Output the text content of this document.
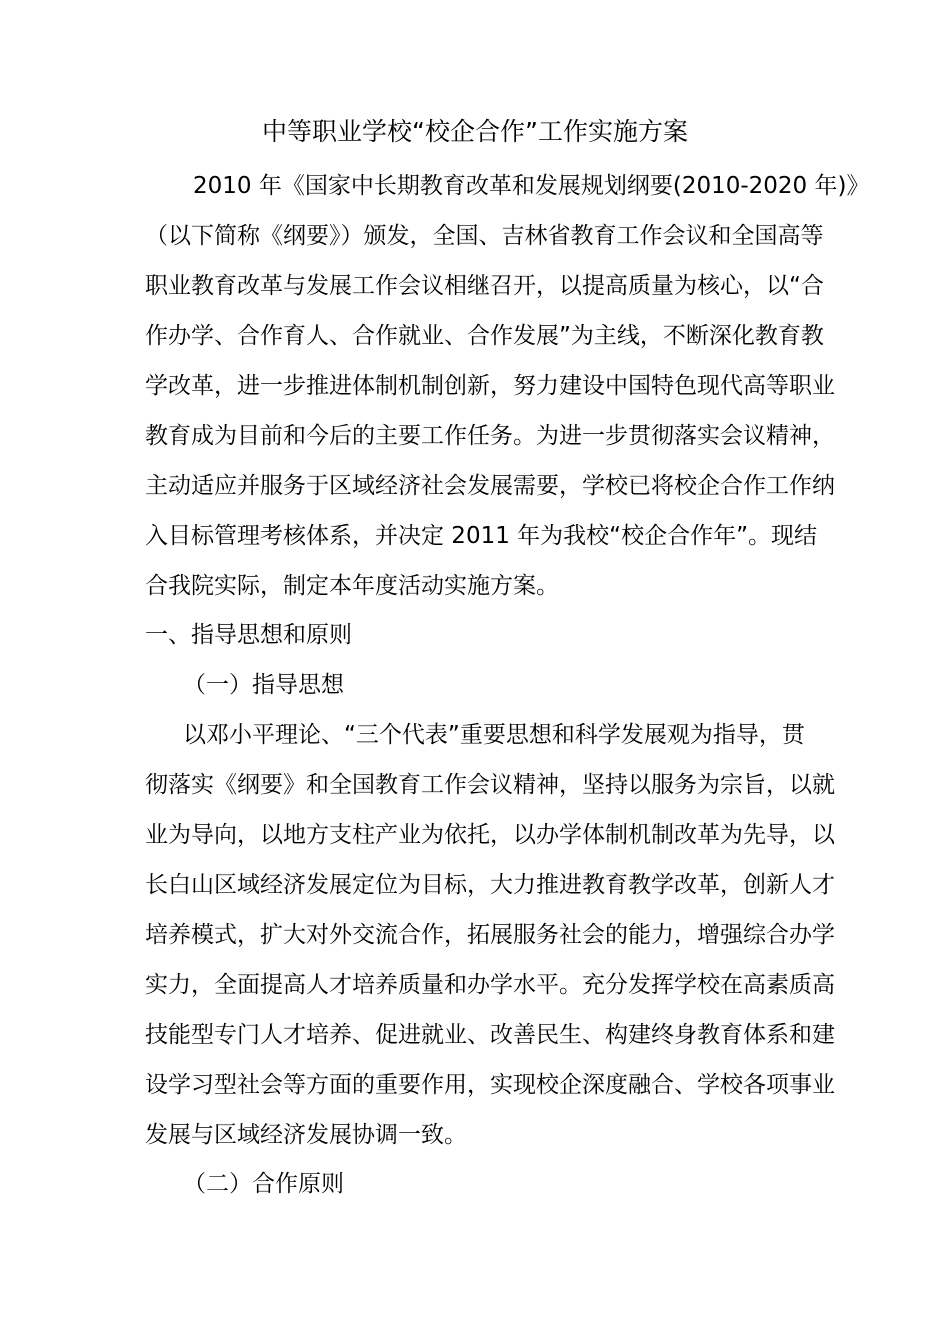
中等职业学校“校企合作”工作实施方案
2010 年《国家中长期教育改革和发展规划纲要(2010-2020 年)》
（以下简称《纲要》）颁发，全国、吉林省教育工作会议和全国高等
职业教育改革与发展工作会议相继召开，以提高质量为核心，以“合
作办学、合作育人、合作就业、合作发展”为主线，不断深化教育教
学改革，进一步推进体制机制创新，努力建设中国特色现代高等职业
教育成为目前和今后的主要工作任务。为进一步贯彻落实会议精神，
主动适应并服务于区域经济社会发展需要，学校已将校企合作工作纳
入目标管理考核体系，并决定 2011 年为我校“校企合作年”。现结
合我院实际，制定本年度活动实施方案。
一、指导思想和原则
（一）指导思想
以邓小平理论、“三个代表”重要思想和科学发展观为指导，贯
彻落实《纲要》和全国教育工作会议精神，坚持以服务为宗旨，以就
业为导向，以地方支柱产业为依托，以办学体制机制改革为先导，以
长白山区域经济发展定位为目标，大力推进教育教学改革，创新人才
培养模式，扩大对外交流合作，拓展服务社会的能力，增强综合办学
实力，全面提高人才培养质量和办学水平。充分发挥学校在高素质高
技能型专门人才培养、促进就业、改善民生、构建终身教育体系和建
设学习型社会等方面的重要作用，实现校企深度融合、学校各项事业
发展与区域经济发展协调一致。
（二）合作原则
